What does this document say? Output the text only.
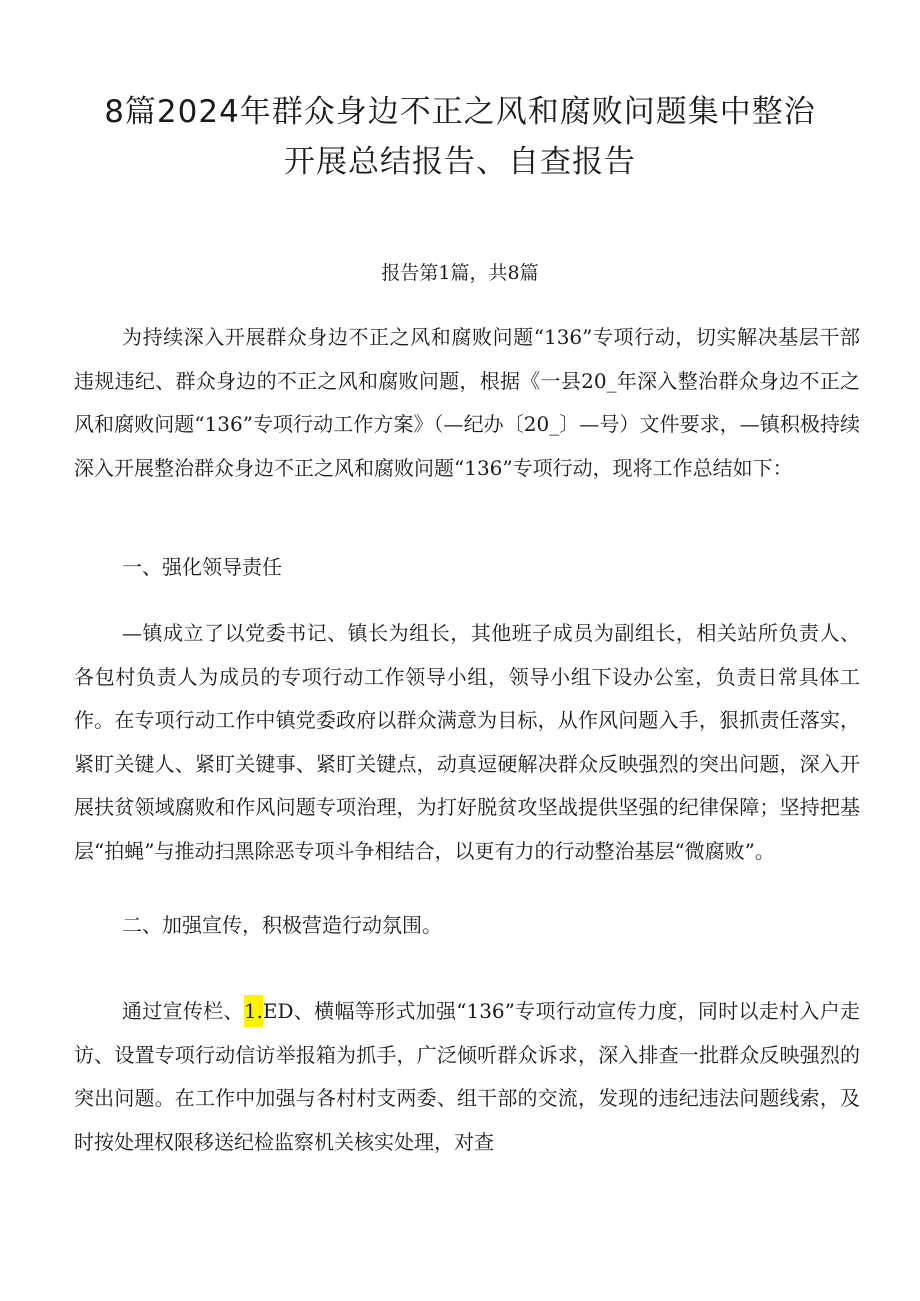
8篇2024年群众身边不正之风和腐败问题集中整治
开展总结报告、自查报告
报告第1篇，共8篇
为持续深入开展群众身边不正之风和腐败问题“136”专项行动，切实解决基层干部违规违纪、群众身边的不正之风和腐败问题，根据《一县20_年深入整治群众身边不正之风和腐败问题“136”专项行动工作方案》（—纪办〔20_〕—号）文件要求，—镇积极持续深入开展整治群众身边不正之风和腐败问题“136”专项行动，现将工作总结如下：
一、强化领导责任
—镇成立了以党委书记、镇长为组长，其他班子成员为副组长，相关站所负责人、各包村负责人为成员的专项行动工作领导小组，领导小组下设办公室，负责日常具体工作。在专项行动工作中镇党委政府以群众满意为目标，从作风问题入手，狠抓责任落实，紧盯关键人、紧盯关键事、紧盯关键点，动真逗硬解决群众反映强烈的突出问题，深入开展扶贫领域腐败和作风问题专项治理，为打好脱贫攻坚战提供坚强的纪律保障；坚持把基层“拍蝇”与推动扫黑除恶专项斗争相结合，以更有力的行动整治基层“微腐败”。
二、加强宣传，积极营造行动氛围。
通过宣传栏、1.ED、横幅等形式加强“136”专项行动宣传力度，同时以走村入户走访、设置专项行动信访举报箱为抓手，广泛倾听群众诉求，深入排查一批群众反映强烈的突出问题。在工作中加强与各村村支两委、组干部的交流，发现的违纪违法问题线索，及时按处理权限移送纪检监察机关核实处理，对查
